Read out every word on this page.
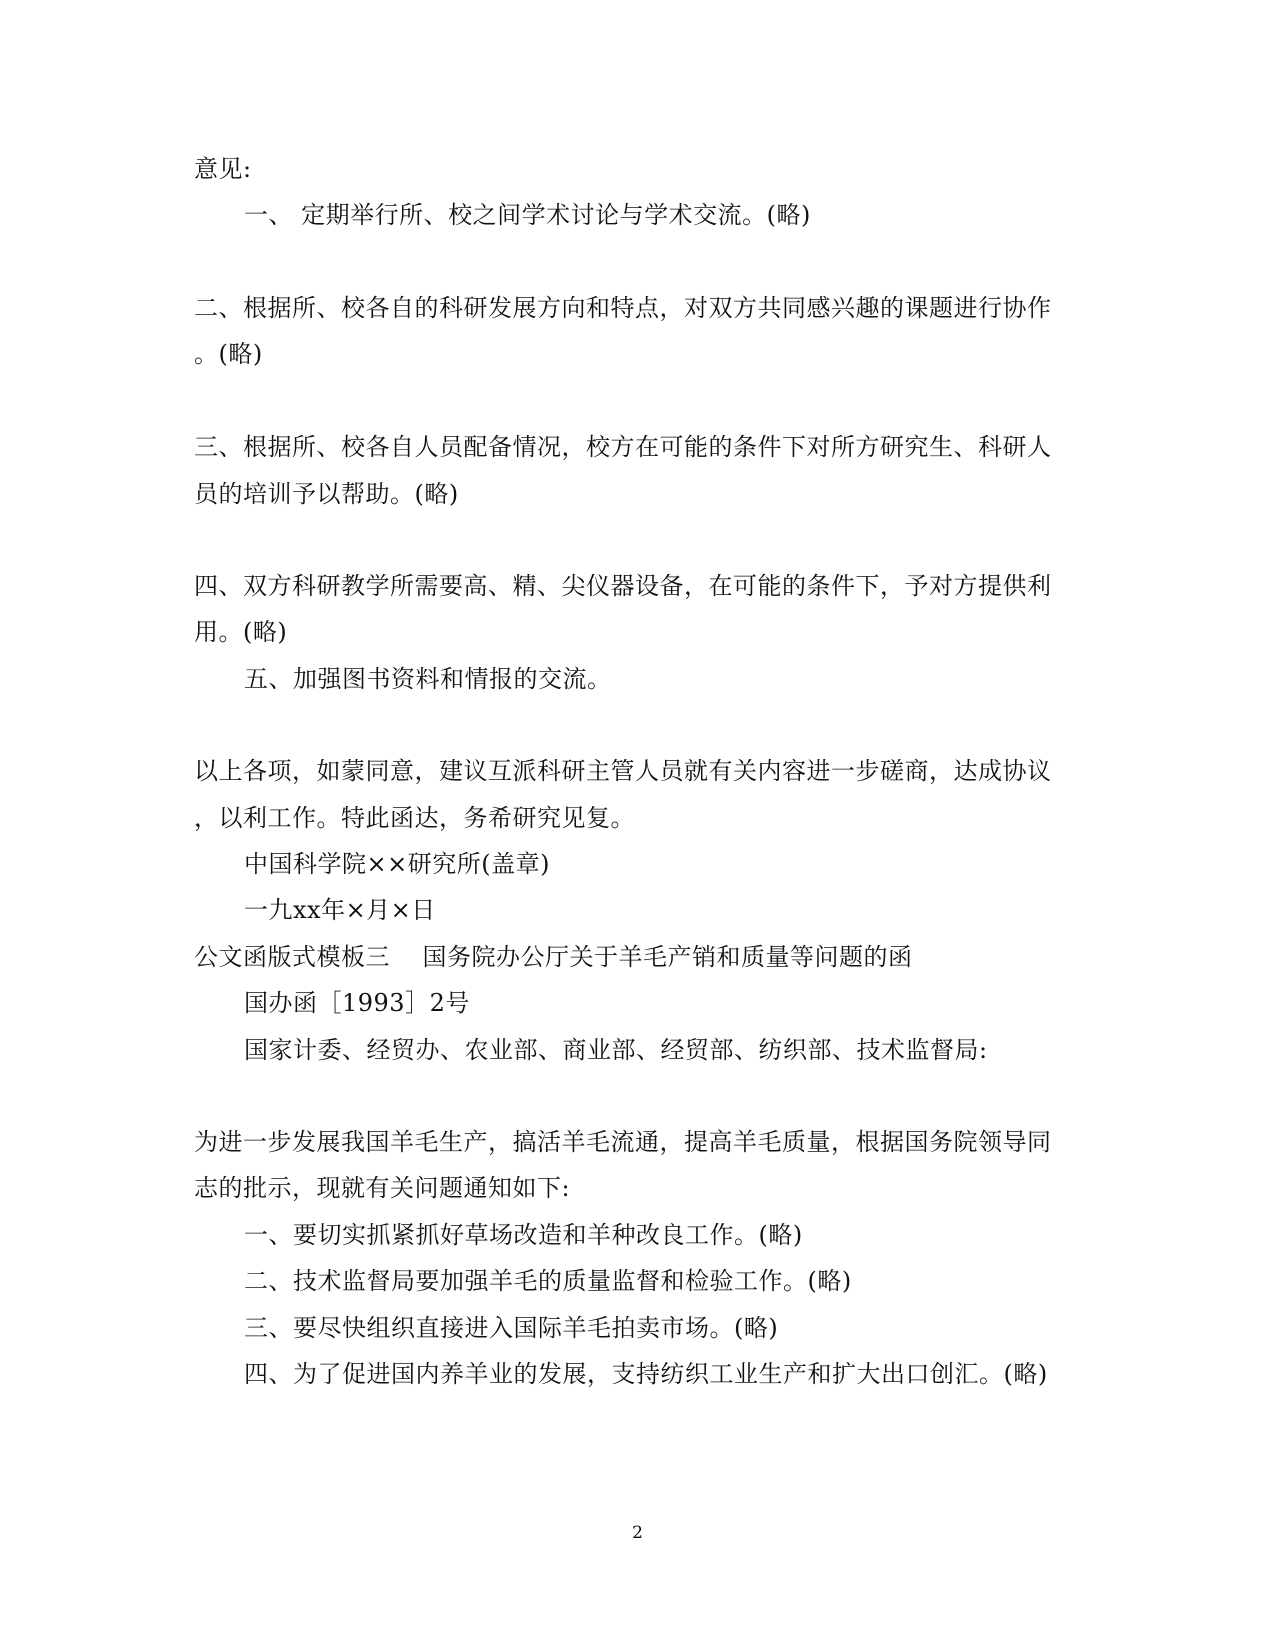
意见:
一、 定期举行所、校之间学术讨论与学术交流。(略)
二、根据所、校各自的科研发展方向和特点，对双方共同感兴趣的课题进行协作
。(略)
三、根据所、校各自人员配备情况，校方在可能的条件下对所方研究生、科研人
员的培训予以帮助。(略)
四、双方科研教学所需要高、精、尖仪器设备，在可能的条件下，予对方提供利
用。(略)
五、加强图书资料和情报的交流。
以上各项，如蒙同意，建议互派科研主管人员就有关内容进一步磋商，达成协议
，以利工作。特此函达，务希研究见复。
中国科学院××研究所(盖章)
一九xx年×月×日
公文函版式模板三    国务院办公厅关于羊毛产销和质量等问题的函
国办函［1993］2号
国家计委、经贸办、农业部、商业部、经贸部、纺织部、技术监督局:
为进一步发展我国羊毛生产，搞活羊毛流通，提高羊毛质量，根据国务院领导同
志的批示，现就有关问题通知如下:
一、要切实抓紧抓好草场改造和羊种改良工作。(略)
二、技术监督局要加强羊毛的质量监督和检验工作。(略)
三、要尽快组织直接进入国际羊毛拍卖市场。(略)
四、为了促进国内养羊业的发展，支持纺织工业生产和扩大出口创汇。(略)
2
